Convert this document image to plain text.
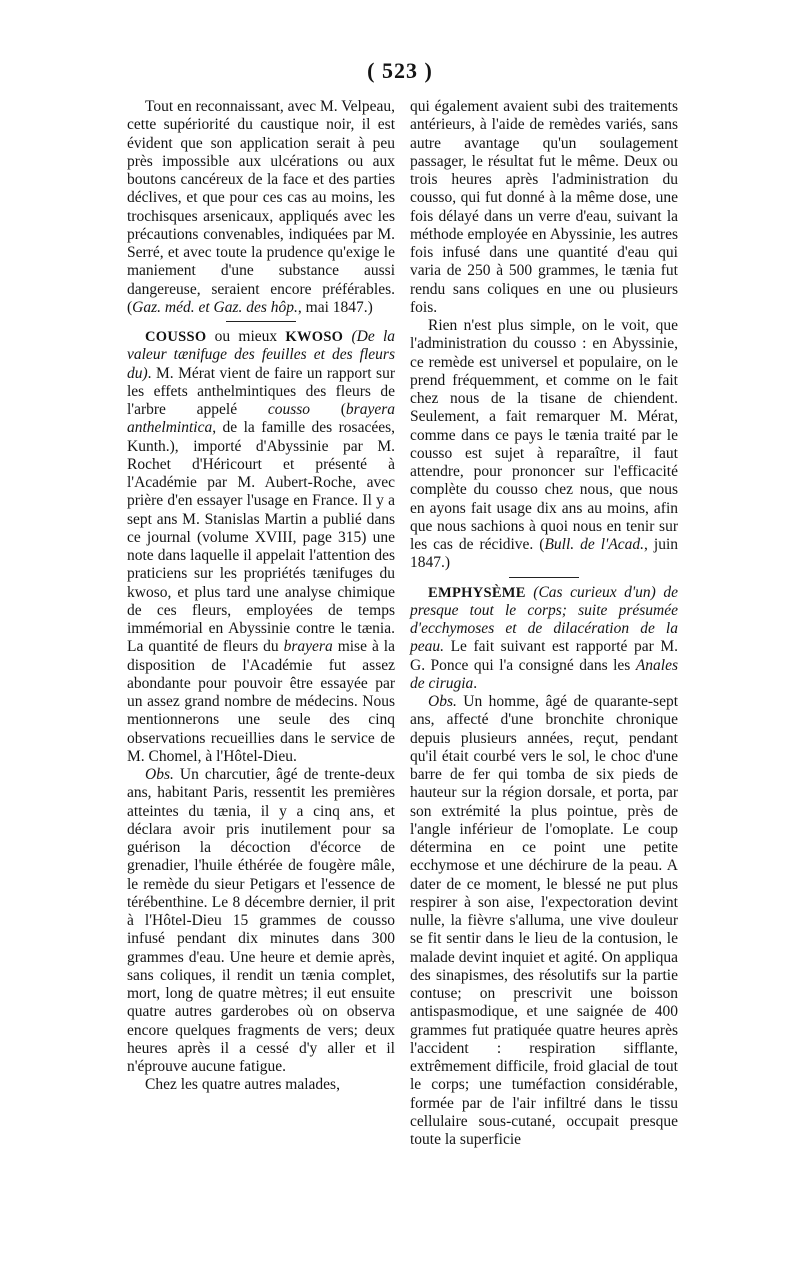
( 523 )

Tout en reconnaissant, avec M. Velpeau, cette supériorité du caustique noir, il est évident que son application serait à peu près impossible aux ulcérations ou aux boutons cancéreux de la face et des parties déclives, et que pour ces cas au moins, les trochisques arsenicaux, appliqués avec les précautions convenables, indiquées par M. Serré, et avec toute la prudence qu'exige le maniement d'une substance aussi dangereuse, seraient encore préférables. (Gaz. méd. et Gaz. des hôp., mai 1847.)

COUSSO ou mieux KWOSO (De la valeur tænifuge des feuilles et des fleurs du). M. Mérat vient de faire un rapport sur les effets anthelmintiques des fleurs de l'arbre appelé cousso (brayera anthelmintica, de la famille des rosacées, Kunth.), importé d'Abyssinie par M. Rochet d'Héricourt et présenté à l'Académie par M. Aubert-Roche, avec prière d'en essayer l'usage en France. Il y a sept ans M. Stanislas Martin a publié dans ce journal (volume XVIII, page 315) une note dans laquelle il appelait l'attention des praticiens sur les propriétés tænifuges du kwoso, et plus tard une analyse chimique de ces fleurs, employées de temps immémorial en Abyssinie contre le tænia. La quantité de fleurs du brayera mise à la disposition de l'Académie fut assez abondante pour pouvoir être essayée par un assez grand nombre de médecins. Nous mentionnerons une seule des cinq observations recueillies dans le service de M. Chomel, à l'Hôtel-Dieu.

Obs. Un charcutier, âgé de trente-deux ans, habitant Paris, ressentit les premières atteintes du tænia, il y a cinq ans, et déclara avoir pris inutilement pour sa guérison la décoction d'écorce de grenadier, l'huile éthérée de fougère mâle, le remède du sieur Petigars et l'essence de térébenthine. Le 8 décembre dernier, il prit à l'Hôtel-Dieu 15 grammes de cousso infusé pendant dix minutes dans 300 grammes d'eau. Une heure et demie après, sans coliques, il rendit un tænia complet, mort, long de quatre mètres; il eut ensuite quatre autres garderobes où on observa encore quelques fragments de vers; deux heures après il a cessé d'y aller et il n'éprouve aucune fatigue.

Chez les quatre autres malades,

qui également avaient subi des traitements antérieurs, à l'aide de remèdes variés, sans autre avantage qu'un soulagement passager, le résultat fut le même. Deux ou trois heures après l'administration du cousso, qui fut donné à la même dose, une fois délayé dans un verre d'eau, suivant la méthode employée en Abyssinie, les autres fois infusé dans une quantité d'eau qui varia de 250 à 500 grammes, le tænia fut rendu sans coliques en une ou plusieurs fois.

Rien n'est plus simple, on le voit, que l'administration du cousso : en Abyssinie, ce remède est universel et populaire, on le prend fréquemment, et comme on le fait chez nous de la tisane de chiendent. Seulement, a fait remarquer M. Mérat, comme dans ce pays le tænia traité par le cousso est sujet à reparaître, il faut attendre, pour prononcer sur l'efficacité complète du cousso chez nous, que nous en ayons fait usage dix ans au moins, afin que nous sachions à quoi nous en tenir sur les cas de récidive. (Bull. de l'Acad., juin 1847.)

EMPHYSÈME (Cas curieux d'un) de presque tout le corps; suite présumée d'ecchymoses et de dilacération de la peau. Le fait suivant est rapporté par M. G. Ponce qui l'a consigné dans les Anales de cirugia.

Obs. Un homme, âgé de quarante-sept ans, affecté d'une bronchite chronique depuis plusieurs années, reçut, pendant qu'il était courbé vers le sol, le choc d'une barre de fer qui tomba de six pieds de hauteur sur la région dorsale, et porta, par son extrémité la plus pointue, près de l'angle inférieur de l'omoplate. Le coup détermina en ce point une petite ecchymose et une déchirure de la peau. A dater de ce moment, le blessé ne put plus respirer à son aise, l'expectoration devint nulle, la fièvre s'alluma, une vive douleur se fit sentir dans le lieu de la contusion, le malade devint inquiet et agité. On appliqua des sinapismes, des résolutifs sur la partie contuse; on prescrivit une boisson antispasmodique, et une saignée de 400 grammes fut pratiquée quatre heures après l'accident : respiration sifflante, extrêmement difficile, froid glacial de tout le corps; une tuméfaction considérable, formée par de l'air infiltré dans le tissu cellulaire sous-cutané, occupait presque toute la superficie
